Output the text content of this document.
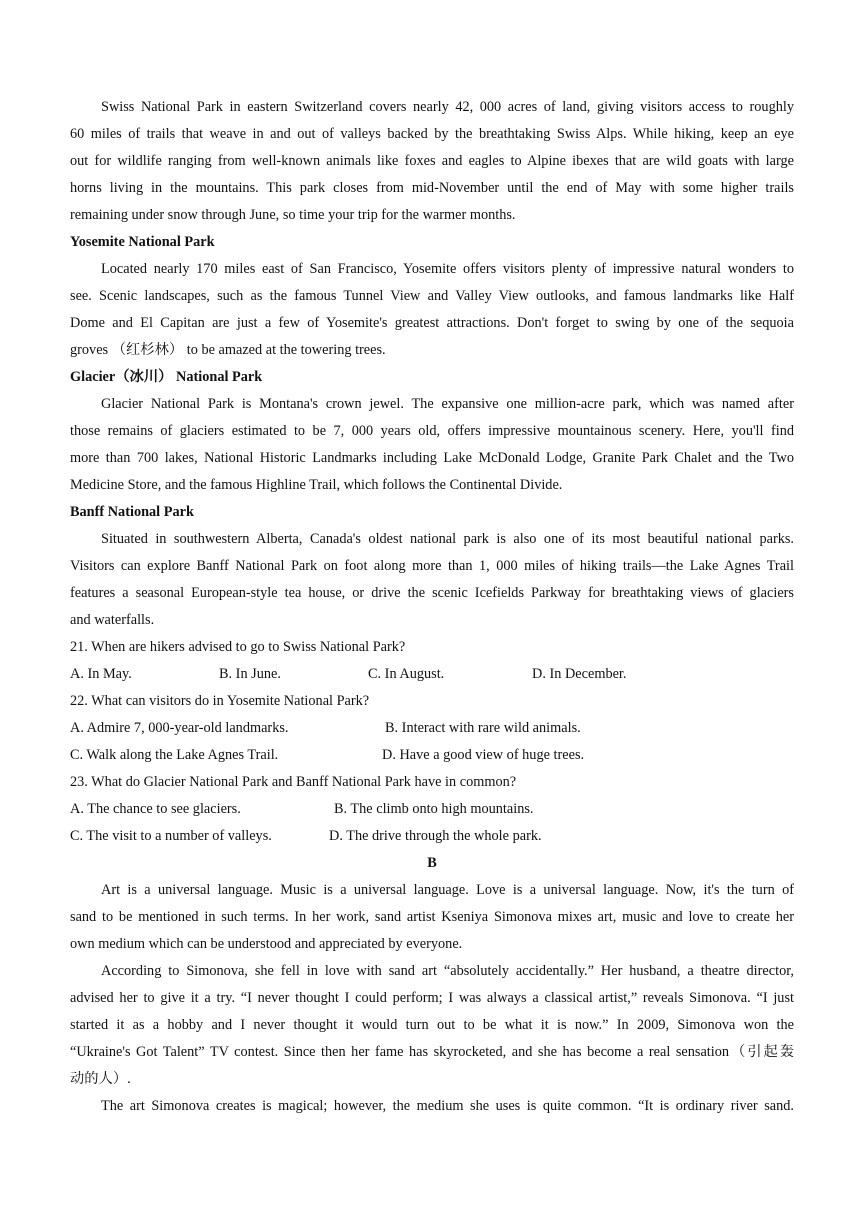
Swiss National Park in eastern Switzerland covers nearly 42, 000 acres of land, giving visitors access to roughly
60 miles of trails that weave in and out of valleys backed by the breathtaking Swiss Alps. While hiking, keep an eye
out for wildlife ranging from well-known animals like foxes and eagles to Alpine ibexes that are wild goats with large
horns living in the mountains. This park closes from mid-November until the end of May with some higher trails
remaining under snow through June, so time your trip for the warmer months.
Yosemite National Park
Located nearly 170 miles east of San Francisco, Yosemite offers visitors plenty of impressive natural wonders to
see. Scenic landscapes, such as the famous Tunnel View and Valley View outlooks, and famous landmarks like Half
Dome and El Capitan are just a few of Yosemite's greatest attractions. Don't forget to swing by one of the sequoia
groves （红杉林） to be amazed at the towering trees.
Glacier（冰川） National Park
Glacier National Park is Montana's crown jewel. The expansive one million-acre park, which was named after
those remains of glaciers estimated to be 7, 000 years old, offers impressive mountainous scenery. Here, you'll find
more than 700 lakes, National Historic Landmarks including Lake McDonald Lodge, Granite Park Chalet and the Two
Medicine Store, and the famous Highline Trail, which follows the Continental Divide.
Banff National Park
Situated in southwestern Alberta, Canada's oldest national park is also one of its most beautiful national parks.
Visitors can explore Banff National Park on foot along more than 1, 000 miles of hiking trails—the Lake Agnes Trail
features a seasonal European-style tea house, or drive the scenic Icefields Parkway for breathtaking views of glaciers
and waterfalls.
21. When are hikers advised to go to Swiss National Park?
A. In May.	B. In June.	C. In August.	D. In December.
22. What can visitors do in Yosemite National Park?
A. Admire 7, 000-year-old landmarks.	B. Interact with rare wild animals.
C. Walk along the Lake Agnes Trail.	D. Have a good view of huge trees.
23. What do Glacier National Park and Banff National Park have in common?
A. The chance to see glaciers.	B. The climb onto high mountains.
C. The visit to a number of valleys.	D. The drive through the whole park.
B
Art is a universal language. Music is a universal language. Love is a universal language. Now, it's the turn of
sand to be mentioned in such terms. In her work, sand artist Kseniya Simonova mixes art, music and love to create her
own medium which can be understood and appreciated by everyone.
According to Simonova, she fell in love with sand art “absolutely accidentally.” Her husband, a theatre director,
advised her to give it a try. “I never thought I could perform; I was always a classical artist,” reveals Simonova. “I just
started it as a hobby and I never thought it would turn out to be what it is now.” In 2009, Simonova won the
“Ukraine's Got Talent” TV contest. Since then her fame has skyrocketed, and she has become a real sensation（引起轰
动的人）.
The art Simonova creates is magical; however, the medium she uses is quite common. “It is ordinary river sand.
